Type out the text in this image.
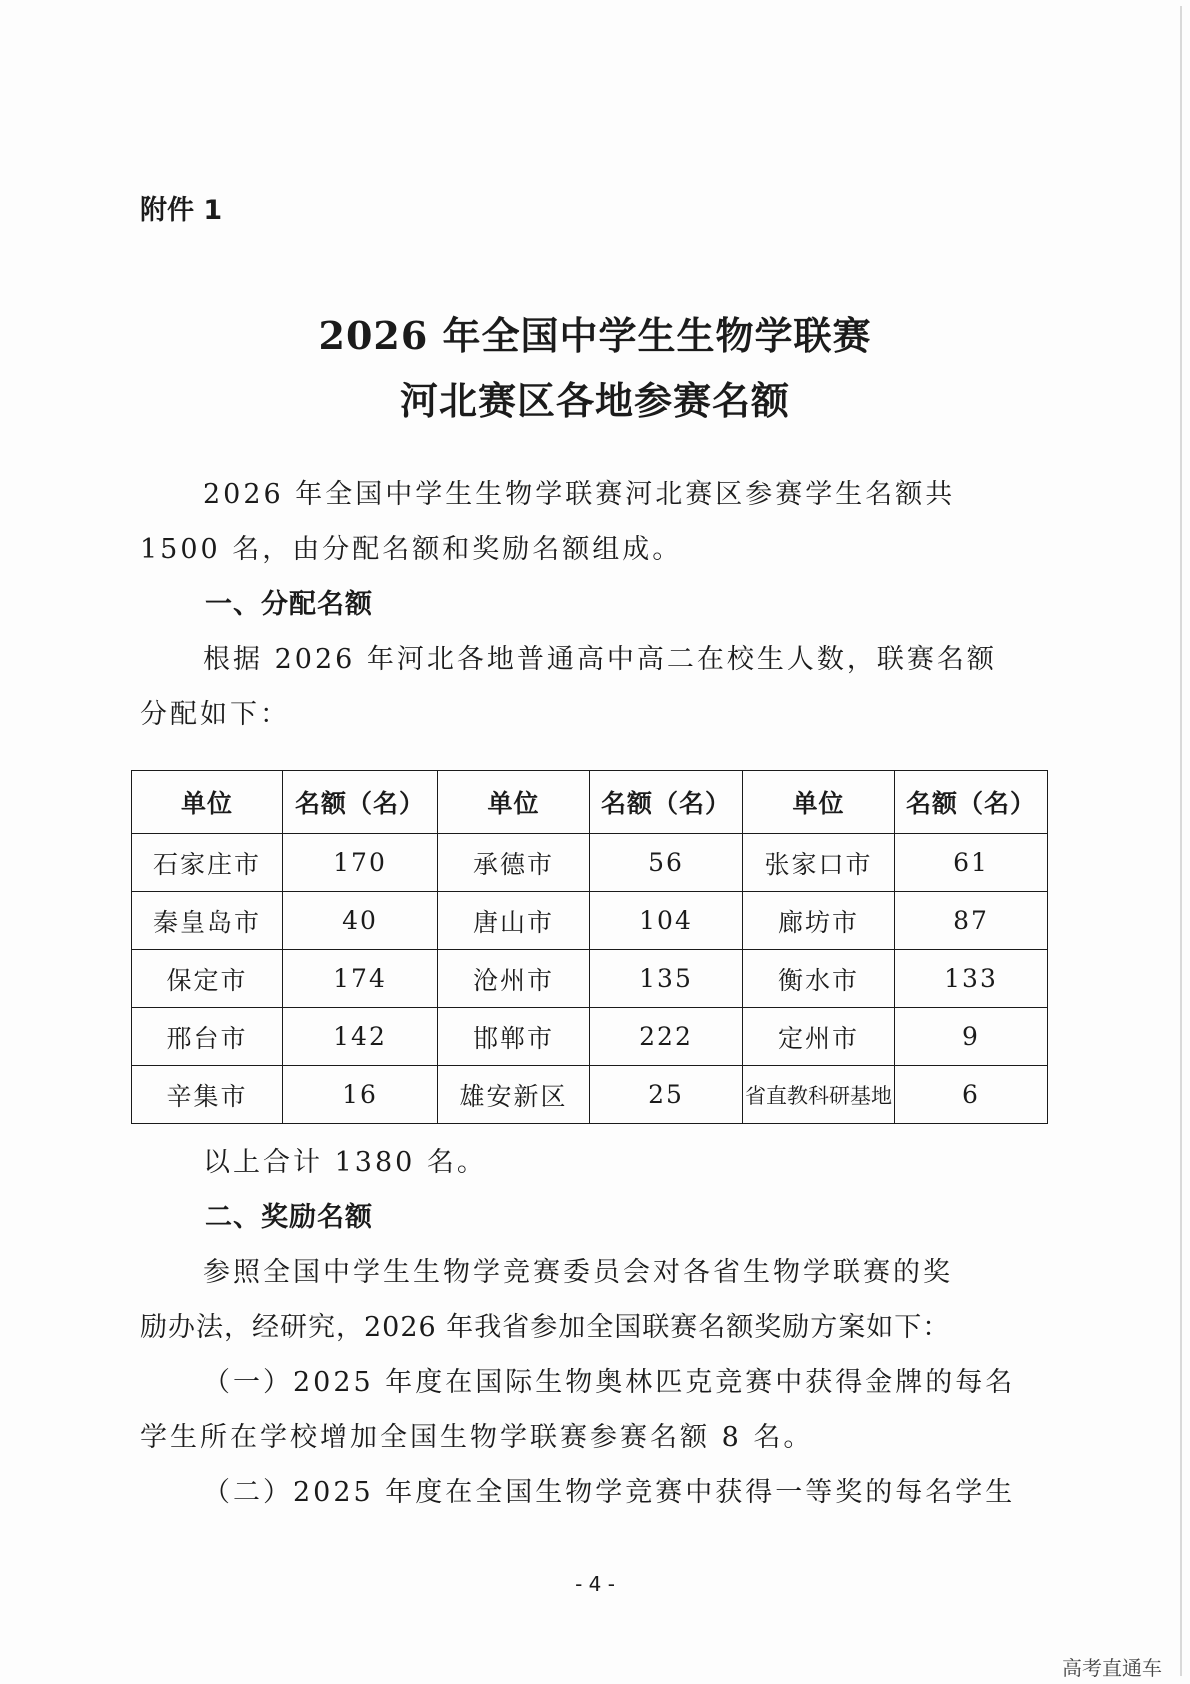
附件 1
2026 年全国中学生生物学联赛
河北赛区各地参赛名额
2026 年全国中学生生物学联赛河北赛区参赛学生名额共
1500 名，由分配名额和奖励名额组成。
一、分配名额
根据 2026 年河北各地普通高中高二在校生人数，联赛名额
分配如下：
单位	名额（名）	单位	名额（名）	单位	名额（名）
石家庄市	170	承德市	56	张家口市	61
秦皇岛市	40	唐山市	104	廊坊市	87
保定市	174	沧州市	135	衡水市	133
邢台市	142	邯郸市	222	定州市	9
辛集市	16	雄安新区	25	省直教科研基地	6
以上合计 1380 名。
二、奖励名额
参照全国中学生生物学竞赛委员会对各省生物学联赛的奖
励办法，经研究，2026 年我省参加全国联赛名额奖励方案如下：
（一）2025 年度在国际生物奥林匹克竞赛中获得金牌的每名
学生所在学校增加全国生物学联赛参赛名额 8 名。
（二）2025 年度在全国生物学竞赛中获得一等奖的每名学生
- 4 -
高考直通车
